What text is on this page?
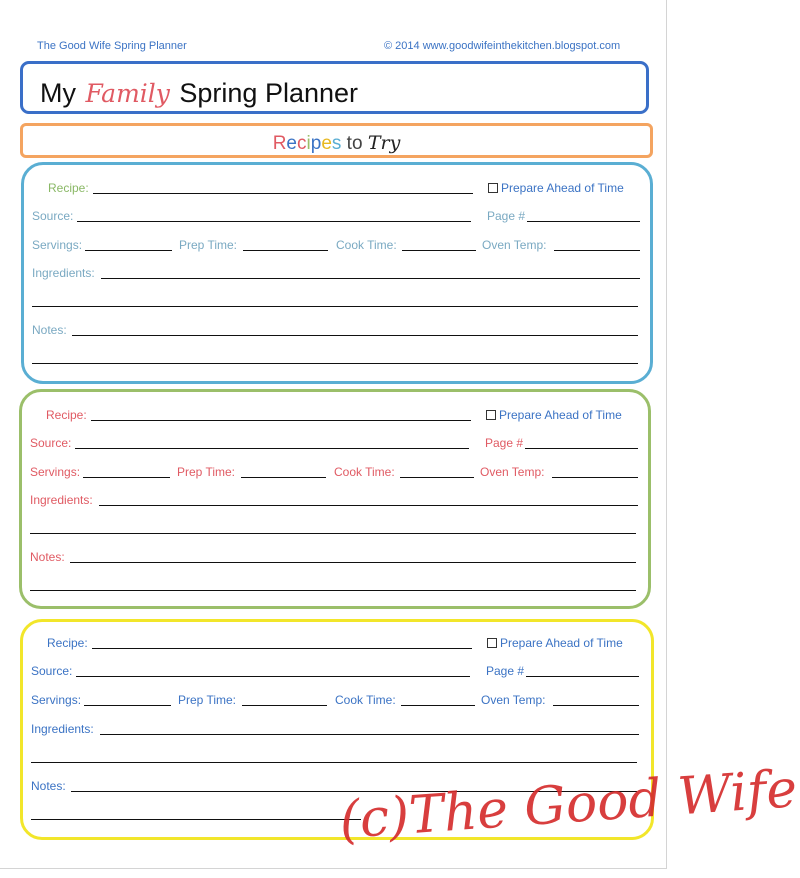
The Good Wife Spring Planner	© 2014 www.goodwifeinthekitchen.blogspot.com
My Family Spring Planner
Recipes to Try
Recipe:	Prepare Ahead of Time
Source:	Page #
Servings:	Prep Time:	Cook Time:	Oven Temp:
Ingredients:
Notes:
Recipe:	Prepare Ahead of Time
Source:	Page #
Servings:	Prep Time:	Cook Time:	Oven Temp:
Ingredients:
Notes:
Recipe:	Prepare Ahead of Time
Source:	Page #
Servings:	Prep Time:	Cook Time:	Oven Temp:
Ingredients:
Notes:	(c)The Good Wife
